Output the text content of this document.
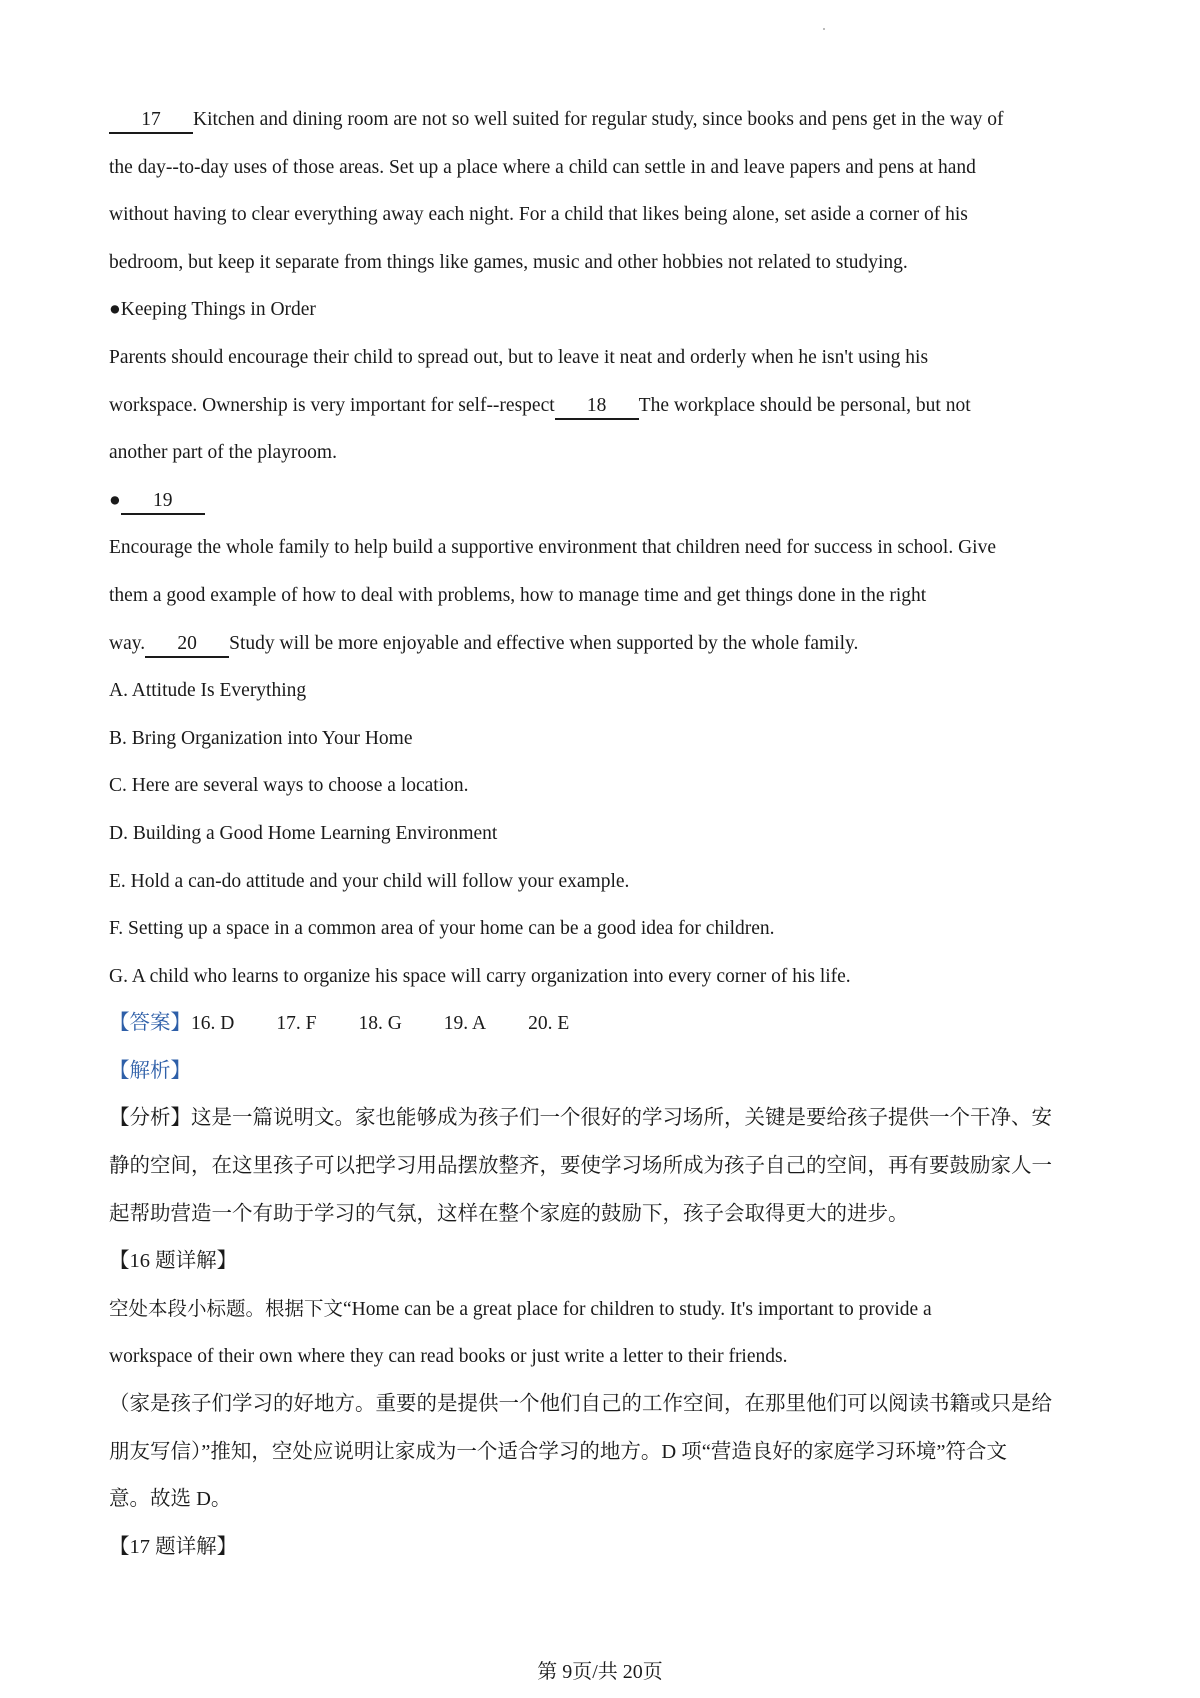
17 Kitchen and dining room are not so well suited for regular study, since books and pens get in the way of

the day--to-day uses of those areas. Set up a place where a child can settle in and leave papers and pens at hand

without having to clear everything away each night. For a child that likes being alone, set aside a corner of his

bedroom, but keep it separate from things like games, music and other hobbies not related to studying.

●Keeping Things in Order

Parents should encourage their child to spread out, but to leave it neat and orderly when he isn't using his

workspace. Ownership is very important for self--respect 18 The workplace should be personal, but not

another part of the playroom.

● 19

Encourage the whole family to help build a supportive environment that children need for success in school. Give

them a good example of how to deal with problems, how to manage time and get things done in the right

way. 20 Study will be more enjoyable and effective when supported by the whole family.

A. Attitude Is Everything

B. Bring Organization into Your Home

C. Here are several ways to choose a location.

D. Building a Good Home Learning Environment

E. Hold a can-do attitude and your child will follow your example.

F. Setting up a space in a common area of your home can be a good idea for children.

G. A child who learns to organize his space will carry organization into every corner of his life.

【答案】16. D 17. F 18. G 19. A 20. E

【解析】

【分析】这是一篇说明文。家也能够成为孩子们一个很好的学习场所，关键是要给孩子提供一个干净、安

静的空间，在这里孩子可以把学习用品摆放整齐，要使学习场所成为孩子自己的空间，再有要鼓励家人一

起帮助营造一个有助于学习的气氛，这样在整个家庭的鼓励下，孩子会取得更大的进步。

【16 题详解】

空处本段小标题。根据下文“Home can be a great place for children to study. It's important to provide a

workspace of their own where they can read books or just write a letter to their friends.

（家是孩子们学习的好地方。重要的是提供一个他们自己的工作空间，在那里他们可以阅读书籍或只是给

朋友写信）”推知，空处应说明让家成为一个适合学习的地方。D 项“营造良好的家庭学习环境”符合文

意。故选 D。

【17 题详解】

第 9页/共 20页
